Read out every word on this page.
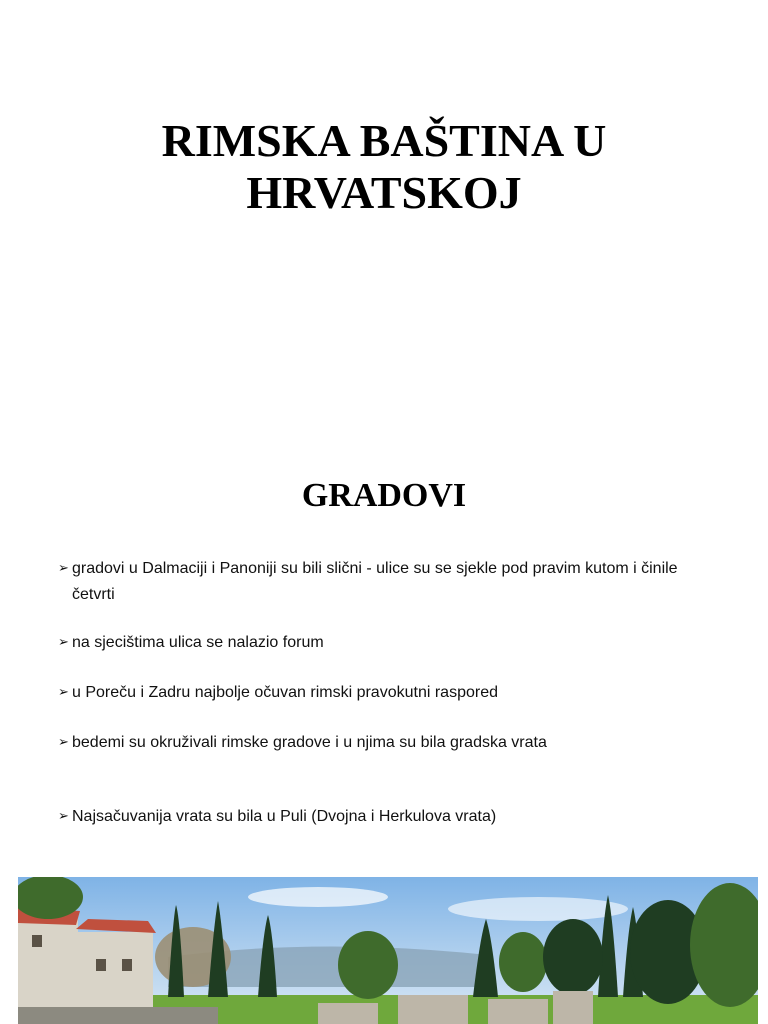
RIMSKA BAŠTINA U HRVATSKOJ
GRADOVI
➢ gradovi u Dalmaciji i Panoniji su bili slični - ulice su se sjekle pod pravim kutom i činile četvrti
➢ na sjecištima ulica se nalazio forum
➢ u Poreču i Zadru najbolje očuvan rimski pravokutni raspored
➢ bedemi su okruživali rimske gradove i u njima su bila gradska vrata
➢ Najsačuvanija vrata su bila u Puli (Dvojna i Herkulova vrata)
